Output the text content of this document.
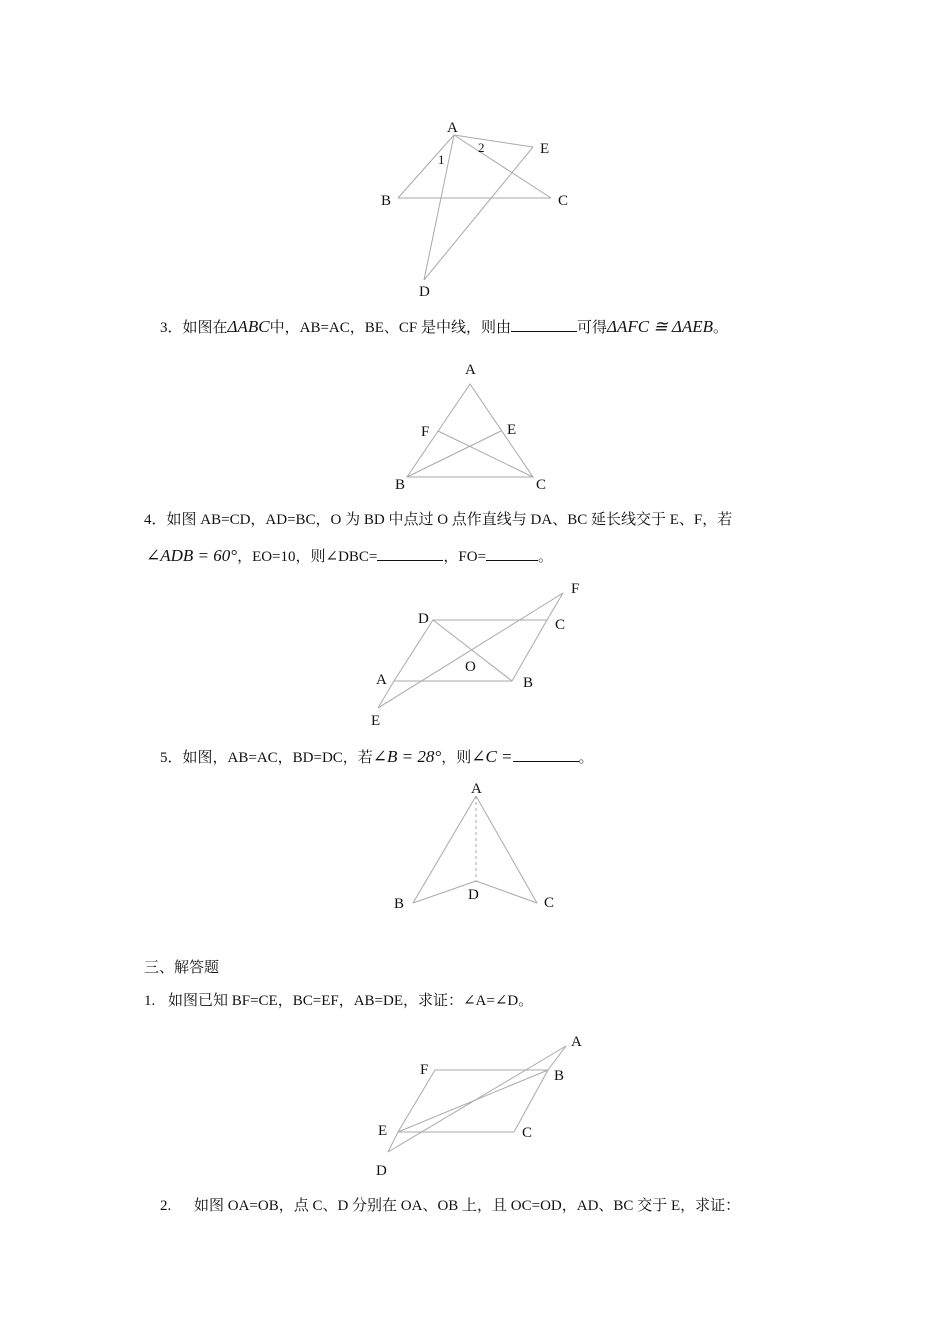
A
E
B	C
D
1
2
3．如图在ΔABC中，AB=AC，BE、CF 是中线，则由	可得ΔAFC ≅ ΔAEB。
A
F	E
B	C
4．如图 AB=CD，AD=BC，O 为 BD 中点过 O 点作直线与 DA、BC 延长线交于 E、F，若
∠ADB = 60°，EO=10，则∠DBC=	，FO=	。
D	C
F
O
A	B
E
5．如图，AB=AC，BD=DC，若∠B = 28°，则∠C =	。
A
D
B	C
三、解答题
1. 如图已知 BF=CE，BC=EF，AB=DE，求证：∠A=∠D。
A
F	B
E	C
D
2. 如图 OA=OB，点 C、D 分别在 OA、OB 上，且 OC=OD，AD、BC 交于 E，求证：
